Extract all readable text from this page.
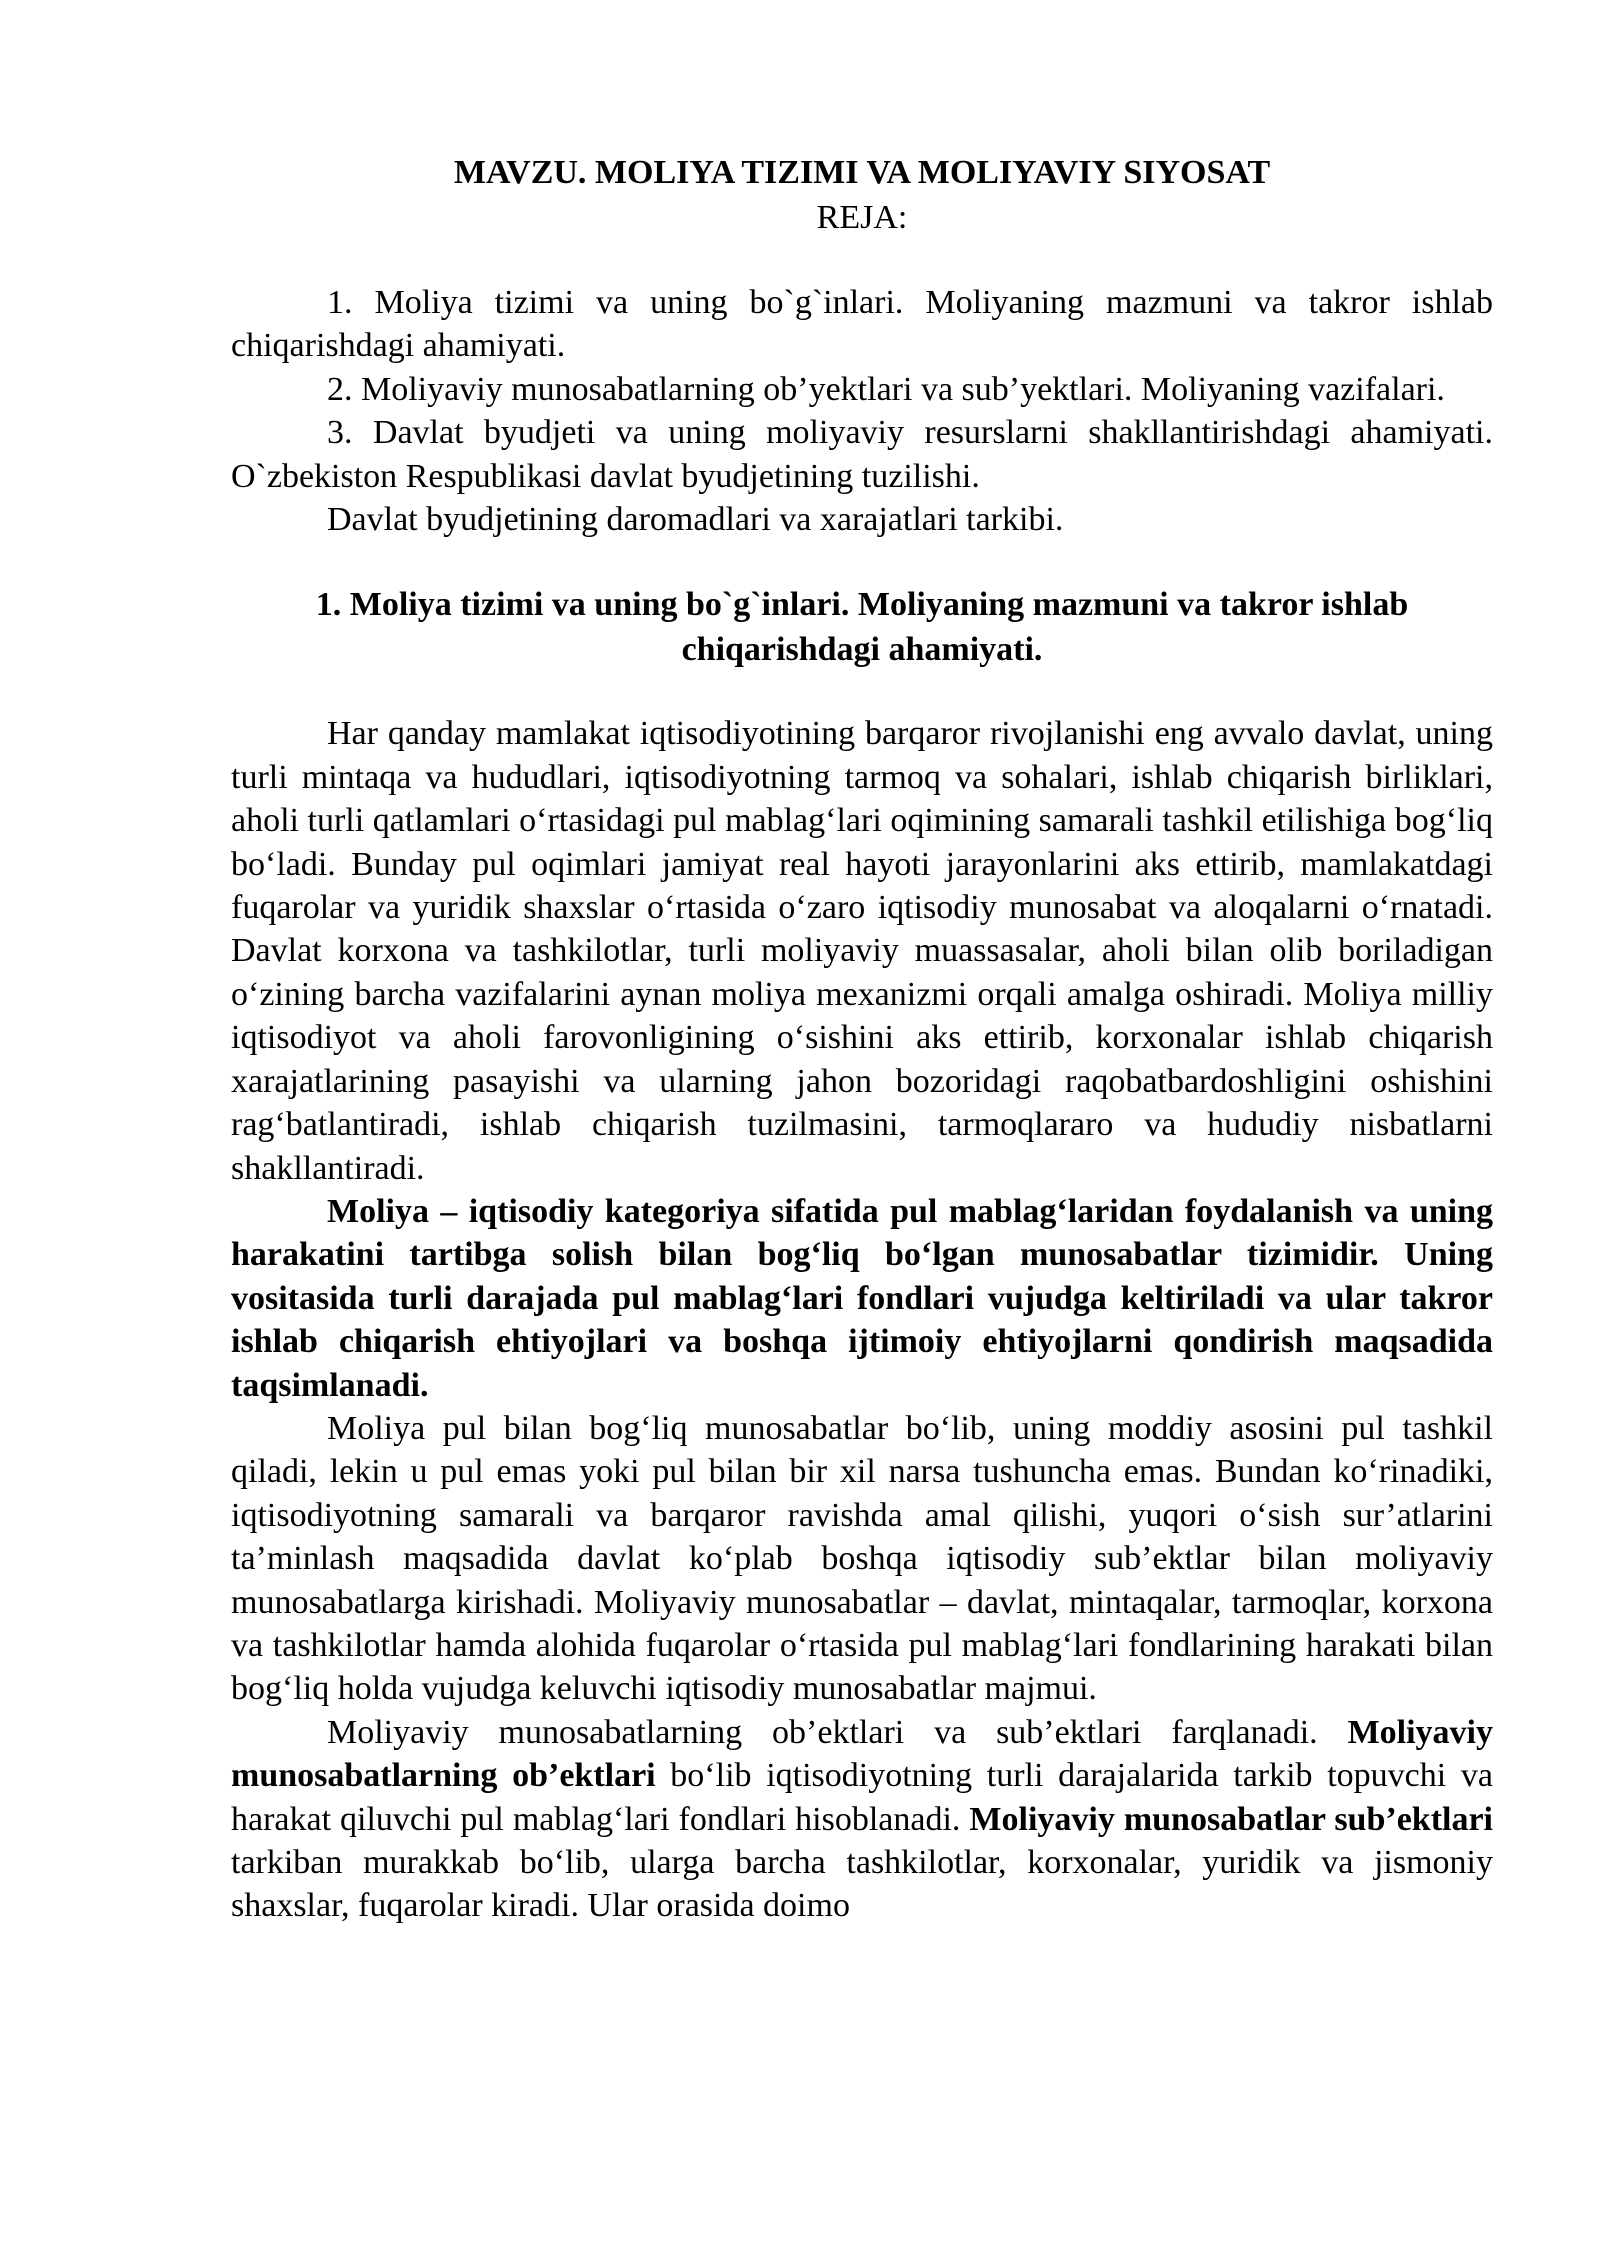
MAVZU. MOLIYA TIZIMI VA MOLIYAVIY SIYOSAT

REJA:

1. Moliya tizimi va uning bo`g`inlari. Moliyaning mazmuni va takror ishlab chiqarishdagi ahamiyati.

2. Moliyaviy munosabatlarning ob’yektlari va sub’yektlari. Moliyaning vazifalari.

3. Davlat byudjeti va uning moliyaviy resurslarni shakllantirishdagi ahamiyati. O`zbekiston Respublikasi davlat byudjetining tuzilishi.

Davlat byudjetining daromadlari va xarajatlari tarkibi.

1. Moliya tizimi va uning bo`g`inlari. Moliyaning mazmuni va takror ishlab chiqarishdagi ahamiyati.

Har qanday mamlakat iqtisodiyotining barqaror rivojlanishi eng avvalo davlat, uning turli mintaqa va hududlari, iqtisodiyotning tarmoq va sohalari, ishlab chiqarish birliklari, aholi turli qatlamlari o‘rtasidagi pul mablag‘lari oqimining samarali tashkil etilishiga bog‘liq bo‘ladi. Bunday pul oqimlari jamiyat real hayoti jarayonlarini aks ettirib, mamlakatdagi fuqarolar va yuridik shaxslar o‘rtasida o‘zaro iqtisodiy munosabat va aloqalarni o‘rnatadi. Davlat korxona va tashkilotlar, turli moliyaviy muassasalar, aholi bilan olib boriladigan o‘zining barcha vazifalarini aynan moliya mexanizmi orqali amalga oshiradi. Moliya milliy iqtisodiyot va aholi farovonligining o‘sishini aks ettirib, korxonalar ishlab chiqarish xarajatlarining pasayishi va ularning jahon bozoridagi raqobatbardoshligini oshishini rag‘batlantiradi, ishlab chiqarish tuzilmasini, tarmoqlararo va hududiy nisbatlarni shakllantiradi.

Moliya – iqtisodiy kategoriya sifatida pul mablag‘laridan foydalanish va uning harakatini tartibga solish bilan bog‘liq bo‘lgan munosabatlar tizimidir. Uning vositasida turli darajada pul mablag‘lari fondlari vujudga keltiriladi va ular takror ishlab chiqarish ehtiyojlari va boshqa ijtimoiy ehtiyojlarni qondirish maqsadida taqsimlanadi.

Moliya pul bilan bog‘liq munosabatlar bo‘lib, uning moddiy asosini pul tashkil qiladi, lekin u pul emas yoki pul bilan bir xil narsa tushuncha emas. Bundan ko‘rinadiki, iqtisodiyotning samarali va barqaror ravishda amal qilishi, yuqori o‘sish sur’atlarini ta’minlash maqsadida davlat ko‘plab boshqa iqtisodiy sub’ektlar bilan moliyaviy munosabatlarga kirishadi. Moliyaviy munosabatlar – davlat, mintaqalar, tarmoqlar, korxona va tashkilotlar hamda alohida fuqarolar o‘rtasida pul mablag‘lari fondlarining harakati bilan bog‘liq holda vujudga keluvchi iqtisodiy munosabatlar majmui.

Moliyaviy munosabatlarning ob’ektlari va sub’ektlari farqlanadi. Moliyaviy munosabatlarning ob’ektlari bo‘lib iqtisodiyotning turli darajalarida tarkib topuvchi va harakat qiluvchi pul mablag‘lari fondlari hisoblanadi. Moliyaviy munosabatlar sub’ektlari tarkiban murakkab bo‘lib, ularga barcha tashkilotlar, korxonalar, yuridik va jismoniy shaxslar, fuqarolar kiradi. Ular orasida doimo
